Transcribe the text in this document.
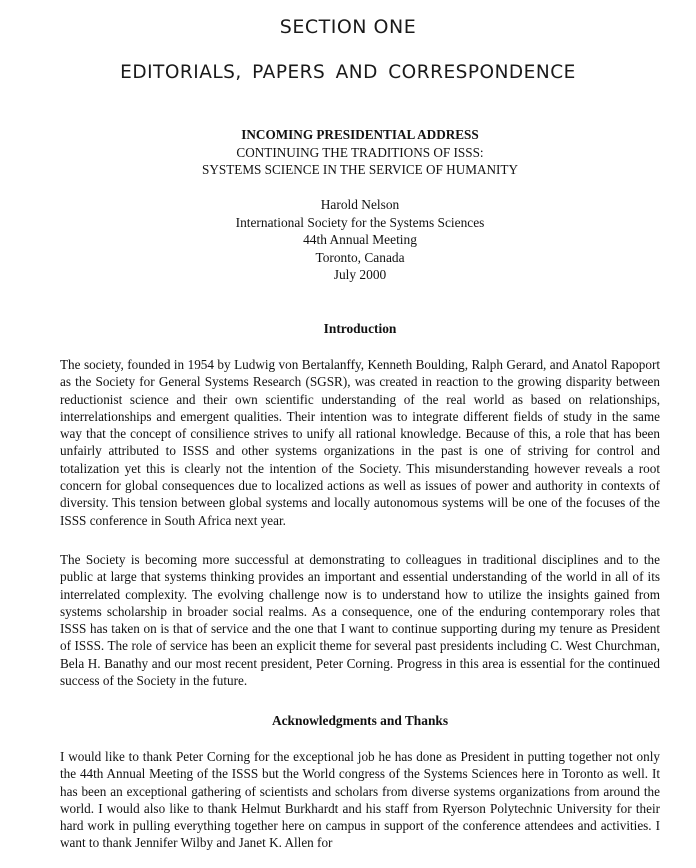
SECTION ONE
EDITORIALS, PAPERS AND CORRESPONDENCE
INCOMING PRESIDENTIAL ADDRESS
CONTINUING THE TRADITIONS OF ISSS:
SYSTEMS SCIENCE IN THE SERVICE OF HUMANITY
Harold Nelson
International Society for the Systems Sciences
44th Annual Meeting
Toronto, Canada
July 2000
Introduction

The society, founded in 1954 by Ludwig von Bertalanffy, Kenneth Boulding, Ralph Gerard, and Anatol Rapoport as the Society for General Systems Research (SGSR), was created in reaction to the growing disparity between reductionist science and their own scientific understanding of the real world as based on relationships, interrelationships and emergent qualities. Their intention was to integrate different fields of study in the same way that the concept of consilience strives to unify all rational knowledge. Because of this, a role that has been unfairly attributed to ISSS and other systems organizations in the past is one of striving for control and totalization yet this is clearly not the intention of the Society. This misunderstanding however reveals a root concern for global consequences due to localized actions as well as issues of power and authority in contexts of diversity. This tension between global systems and locally autonomous systems will be one of the focuses of the ISSS conference in South Africa next year.

The Society is becoming more successful at demonstrating to colleagues in traditional disciplines and to the public at large that systems thinking provides an important and essential understanding of the world in all of its interrelated complexity. The evolving challenge now is to understand how to utilize the insights gained from systems scholarship in broader social realms. As a consequence, one of the enduring contemporary roles that ISSS has taken on is that of service and the one that I want to continue supporting during my tenure as President of ISSS. The role of service has been an explicit theme for several past presidents including C. West Churchman, Bela H. Banathy and our most recent president, Peter Corning. Progress in this area is essential for the continued success of the Society in the future.

Acknowledgments and Thanks

I would like to thank Peter Corning for the exceptional job he has done as President in putting together not only the 44th Annual Meeting of the ISSS but the World congress of the Systems Sciences here in Toronto as well. It has been an exceptional gathering of scientists and scholars from diverse systems organizations from around the world. I would also like to thank Helmut Burkhardt and his staff from Ryerson Polytechnic University for their hard work in pulling everything together here on campus in support of the conference attendees and activities. I want to thank Jennifer Wilby and Janet K. Allen for
